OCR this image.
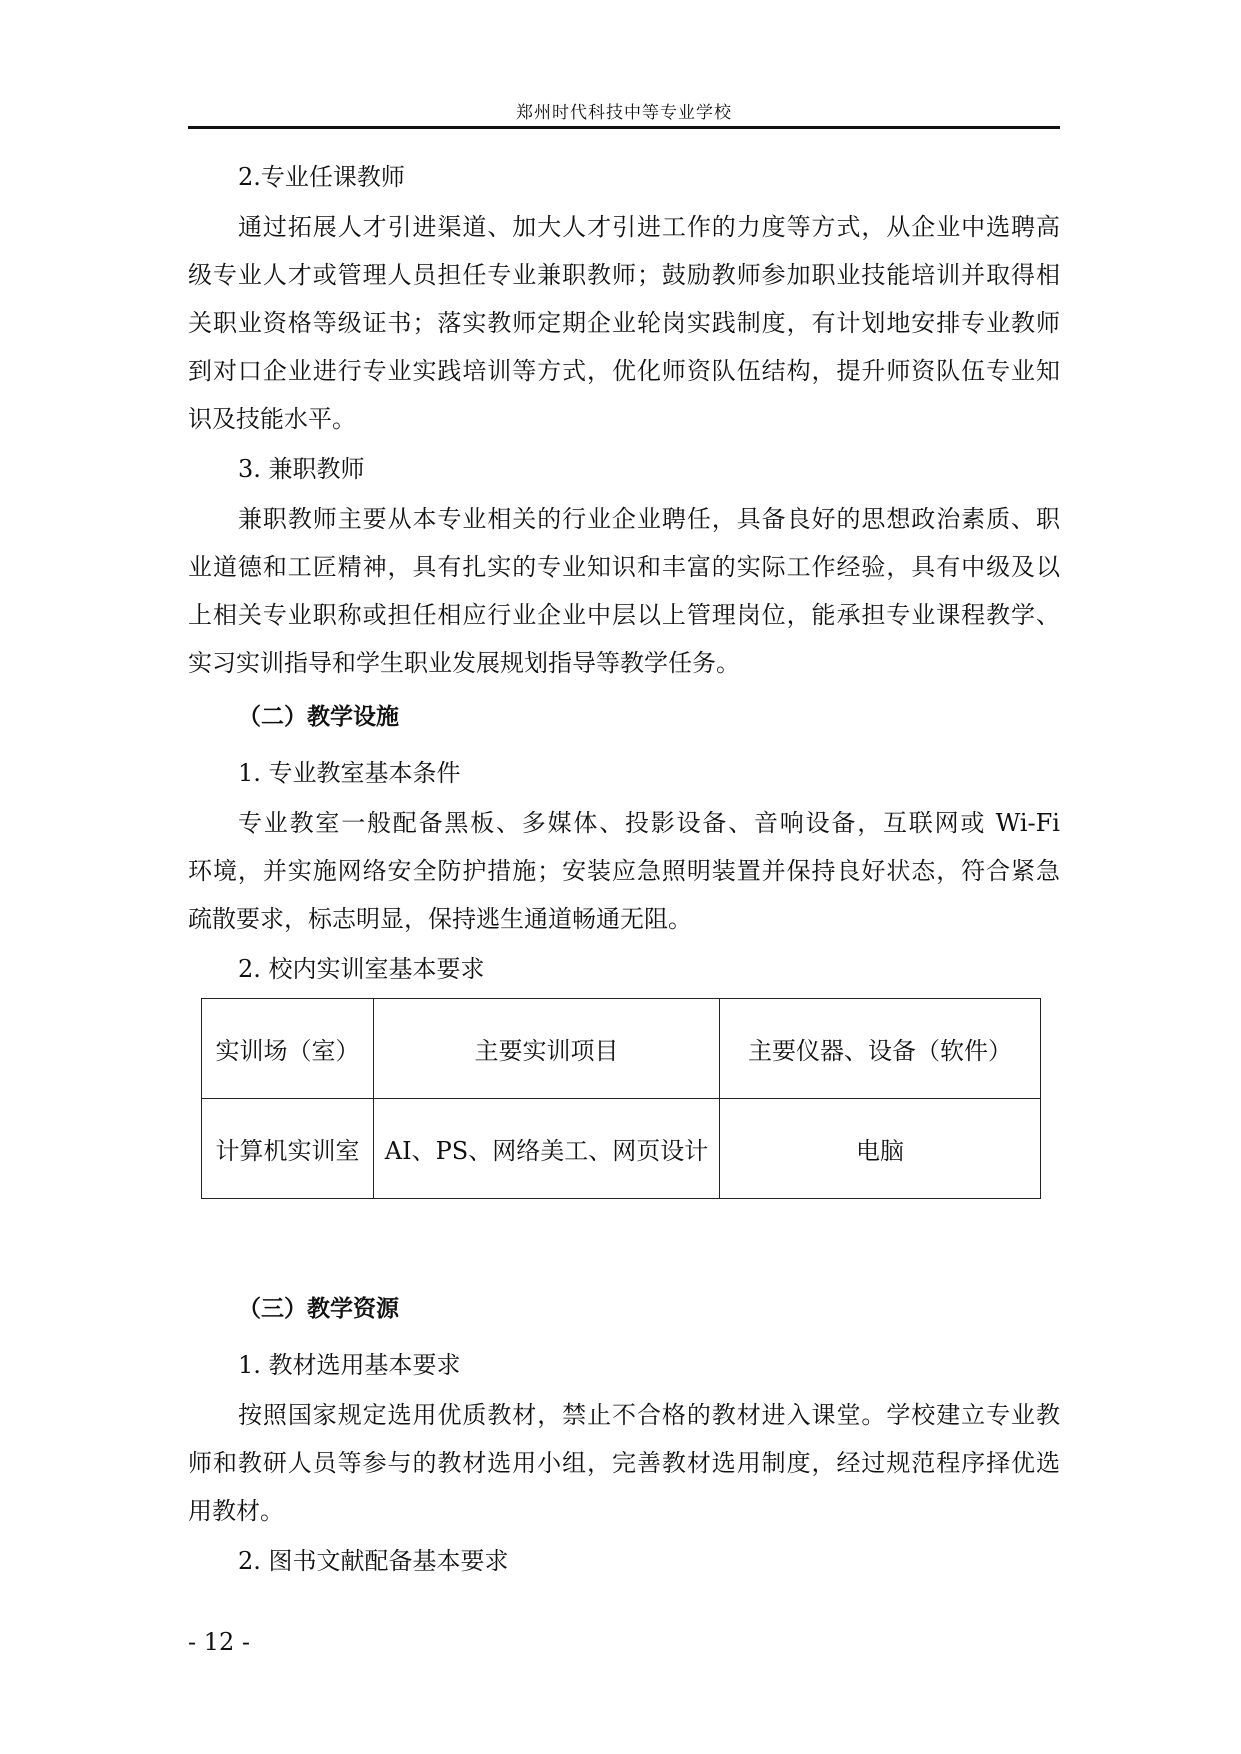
郑州时代科技中等专业学校
2.专业任课教师
通过拓展人才引进渠道、加大人才引进工作的力度等方式，从企业中选聘高
级专业人才或管理人员担任专业兼职教师；鼓励教师参加职业技能培训并取得相
关职业资格等级证书；落实教师定期企业轮岗实践制度，有计划地安排专业教师
到对口企业进行专业实践培训等方式，优化师资队伍结构，提升师资队伍专业知
识及技能水平。
3. 兼职教师
兼职教师主要从本专业相关的行业企业聘任，具备良好的思想政治素质、职
业道德和工匠精神，具有扎实的专业知识和丰富的实际工作经验，具有中级及以
上相关专业职称或担任相应行业企业中层以上管理岗位，能承担专业课程教学、
实习实训指导和学生职业发展规划指导等教学任务。
（二）教学设施
1. 专业教室基本条件
专业教室一般配备黑板、多媒体、投影设备、音响设备，互联网或 Wi-Fi
环境，并实施网络安全防护措施；安装应急照明装置并保持良好状态，符合紧急
疏散要求，标志明显，保持逃生通道畅通无阻。
2. 校内实训室基本要求
实训场（室）	主要实训项目	主要仪器、设备（软件）
计算机实训室	AI、PS、网络美工、网页设计	电脑
（三）教学资源
1. 教材选用基本要求
按照国家规定选用优质教材，禁止不合格的教材进入课堂。学校建立专业教
师和教研人员等参与的教材选用小组，完善教材选用制度，经过规范程序择优选
用教材。
2. 图书文献配备基本要求
- 12 -
